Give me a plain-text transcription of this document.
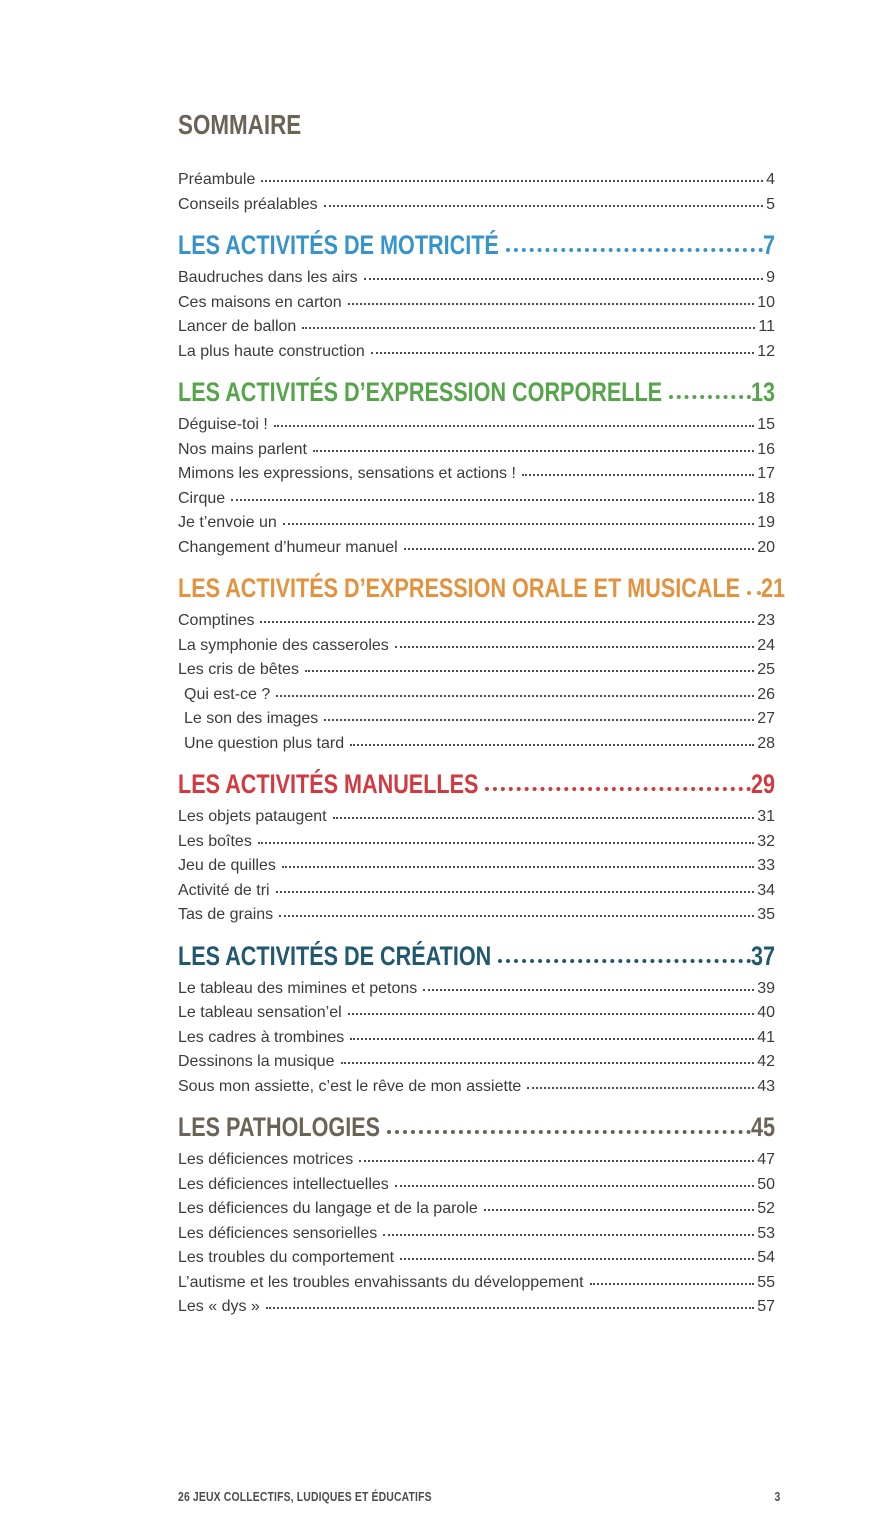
SOMMAIRE
Préambule	4
Conseils préalables	5
LES ACTIVITÉS DE MOTRICITÉ	7
Baudruches dans les airs	9
Ces maisons en carton	10
Lancer de ballon	11
La plus haute construction	12
LES ACTIVITÉS D’EXPRESSION CORPORELLE	13
Déguise-toi !	15
Nos mains parlent	16
Mimons les expressions, sensations et actions !	17
Cirque	18
Je t’envoie un	19
Changement d’humeur manuel	20
LES ACTIVITÉS D’EXPRESSION ORALE ET MUSICALE 21
Comptines	23
La symphonie des casseroles	24
Les cris de bêtes	25
Qui est-ce ?	26
Le son des images	27
Une question plus tard	28
LES ACTIVITÉS MANUELLES	29
Les objets pataugent	31
Les boîtes	32
Jeu de quilles	33
Activité de tri	34
Tas de grains	35
LES ACTIVITÉS DE CRÉATION	37
Le tableau des mimines et petons	39
Le tableau sensation’el	40
Les cadres à trombines	41
Dessinons la musique	42
Sous mon assiette, c’est le rêve de mon assiette	43
LES PATHOLOGIES	45
Les déficiences motrices	47
Les déficiences intellectuelles	50
Les déficiences du langage et de la parole	52
Les déficiences sensorielles	53
Les troubles du comportement	54
L’autisme et les troubles envahissants du développement	55
Les « dys »	57
26 JEUX COLLECTIFS, LUDIQUES ET ÉDUCATIFS	3
